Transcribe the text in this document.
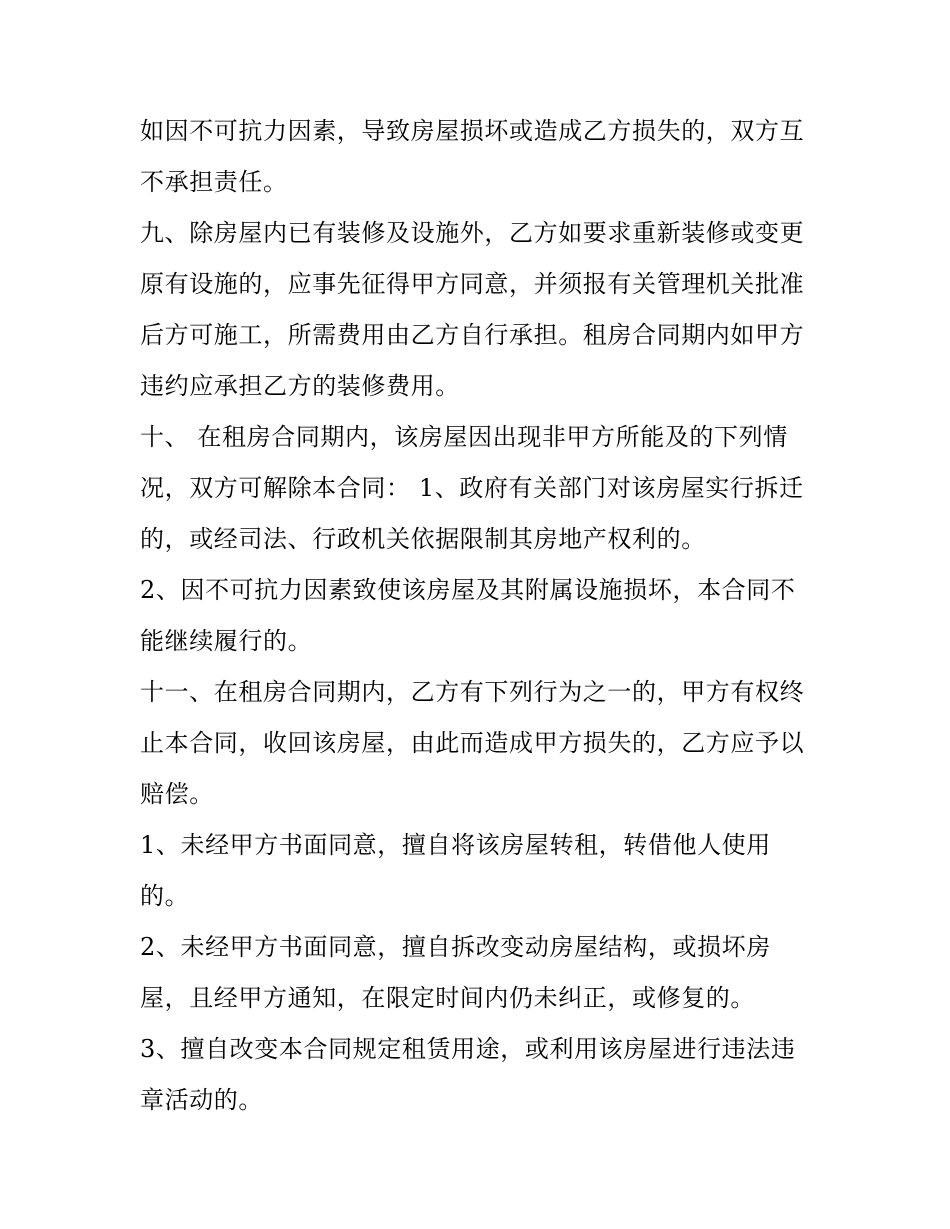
如因不可抗力因素，导致房屋损坏或造成乙方损失的，双方互
不承担责任。
九、除房屋内已有装修及设施外，乙方如要求重新装修或变更
原有设施的，应事先征得甲方同意，并须报有关管理机关批准
后方可施工，所需费用由乙方自行承担。租房合同期内如甲方
违约应承担乙方的装修费用。
十、 在租房合同期内，该房屋因出现非甲方所能及的下列情
况，双方可解除本合同： 1、政府有关部门对该房屋实行拆迁
的，或经司法、行政机关依据限制其房地产权利的。
2、因不可抗力因素致使该房屋及其附属设施损坏，本合同不
能继续履行的。
十一、在租房合同期内，乙方有下列行为之一的，甲方有权终
止本合同，收回该房屋，由此而造成甲方损失的，乙方应予以
赔偿。
1、未经甲方书面同意，擅自将该房屋转租，转借他人使用
的。
2、未经甲方书面同意，擅自拆改变动房屋结构，或损坏房
屋，且经甲方通知，在限定时间内仍未纠正，或修复的。
3、擅自改变本合同规定租赁用途，或利用该房屋进行违法违
章活动的。
